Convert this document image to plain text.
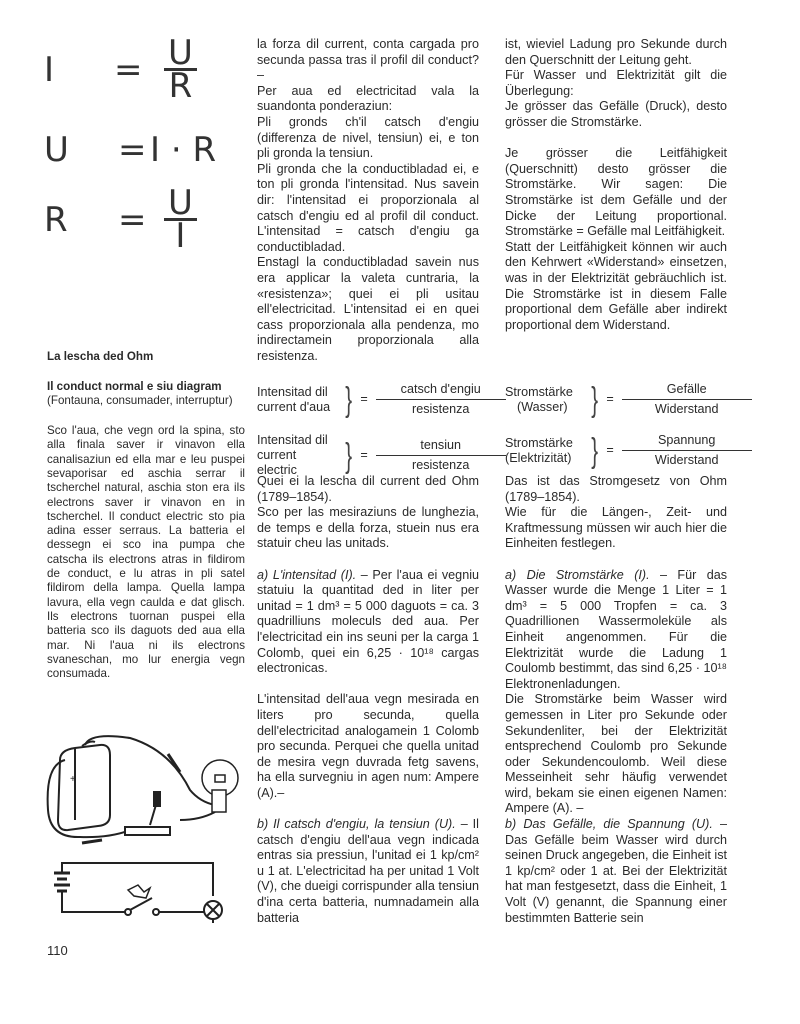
I	= $\frac{U}{R}$
U	= I · R
R	= $\frac{U}{I}$

La lescha ded Ohm

Il conduct normal e siu diagram

(Fontauna, consumader, interruptur)

Sco l'aua, che vegn ord la spina, sto alla finala saver ir vinavon ella canalisaziun ed ella mar e leu puspei sevaporisar ed aschia serrar il tscherchel natural, aschia ston era ils electrons saver ir vinavon en in tscherchel. Il conduct electric sto pia adina esser serraus. La batteria el dessegn ei sco ina pumpa che catscha ils electrons atras in fildirom de conduct, e lu atras in pli satel fildirom della lampa. Quella lampa lavura, ella vegn caulda e dat glisch. Ils electrons tuornan puspei ella batteria sco ils daguots ded aua ella mar. Ni l'aua ni ils electrons svaneschan, mo lur energia vegn consumada.

+
110

la forza dil current, conta cargada pro secunda passa tras il profil dil conduct? –

Per aua ed electricitad vala la suandonta ponderaziun:

Pli gronds ch'il catsch d'engiu (differenza de nivel, tensiun) ei, e ton pli gronda la tensiun.

Pli gronda che la conductibladad ei, e ton pli gronda l'intensitad. Nus savein dir: l'intensitad ei proporzionala al catsch d'engiu ed al profil dil conduct. L'intensitad = catsch d'engiu ga conductibladad.

Enstagl la conductibladad savein nus era applicar la valeta cuntraria, la «resistenza»; quei ei pli usitau ell'electricitad. L'intensitad ei en quei cass proporzionala alla pendenza, mo indirectamein proporzionala alla resistenza.

Intensitad dil
current d'aua } =
catsch d'engiu
resistenza
Intensitad dil
current electric	} =
tensiun
resistenza

Quei ei la lescha dil current ded Ohm (1789–1854).

Sco per las mesiraziuns de lunghezia, de temps e della forza, stuein nus era statuir cheu las unitads.

a) L'intensitad (I). – Per l'aua ei vegniu statuiu la quantitad ded in liter per unitad = 1 dm³ = 5 000 daguots = ca. 3 quadrilliuns moleculs ded aua. Per l'electricitad ein ins seuni per la carga 1 Colomb, quei ein 6,25 · 10¹⁸ cargas electronicas.

L'intensitad dell'aua vegn mesirada en liters pro secunda, quella dell'electricitad analogamein 1 Colomb pro secunda. Perquei che quella unitad de mesira vegn duvrada fetg savens, ha ella survegniu in agen num: Ampere (A).–

b) Il catsch d'engiu, la tensiun (U). – Il catsch d'engiu dell'aua vegn indicada entras sia pressiun, l'unitad ei 1 kp/cm² u 1 at. L'electricitad ha per unitad 1 Volt (V), che dueigi corrispunder alla tensiun d'ina certa batteria, numnadamein alla batteria

ist, wieviel Ladung pro Sekunde durch den Querschnitt der Leitung geht.

Für Wasser und Elektrizität gilt die Überlegung:

Je grösser das Gefälle (Druck), desto grösser die Stromstärke.

Je grösser die Leitfähigkeit (Querschnitt) desto grösser die Stromstärke. Wir sagen: Die Stromstärke ist dem Gefälle und der Dicke der Leitung proportional. Stromstärke = Gefälle mal Leitfähigkeit.

Statt der Leitfähigkeit können wir auch den Kehrwert «Widerstand» einsetzen, was in der Elektrizität gebräuchlich ist. Die Stromstärke ist in diesem Falle proportional dem Gefälle aber indirekt proportional dem Widerstand.

Stromstärke
(Wasser) } =
Gefälle
Widerstand
Stromstärke
(Elektrizität) } =
Spannung
Widerstand

Das ist das Stromgesetz von Ohm (1789–1854).

Wie für die Längen-, Zeit- und Kraftmessung müssen wir auch hier die Einheiten festlegen.

a) Die Stromstärke (I). – Für das Wasser wurde die Menge 1 Liter = 1 dm³ = 5 000 Tropfen = ca. 3 Quadrillionen Wassermoleküle als Einheit angenommen. Für die Elektrizität wurde die Ladung 1 Coulomb bestimmt, das sind 6,25 · 10¹⁸ Elektronenladungen.

Die Stromstärke beim Wasser wird gemessen in Liter pro Sekunde oder Sekundenliter, bei der Elektrizität entsprechend Coulomb pro Sekunde oder Sekundencoulomb. Weil diese Messeinheit sehr häufig verwendet wird, bekam sie einen eigenen Namen: Ampere (A). –

b) Das Gefälle, die Spannung (U). – Das Gefälle beim Wasser wird durch seinen Druck angegeben, die Einheit ist 1 kp/cm² oder 1 at. Bei der Elektrizität hat man festgesetzt, dass die Einheit, 1 Volt (V) genannt, die Spannung einer bestimmten Batterie sein
